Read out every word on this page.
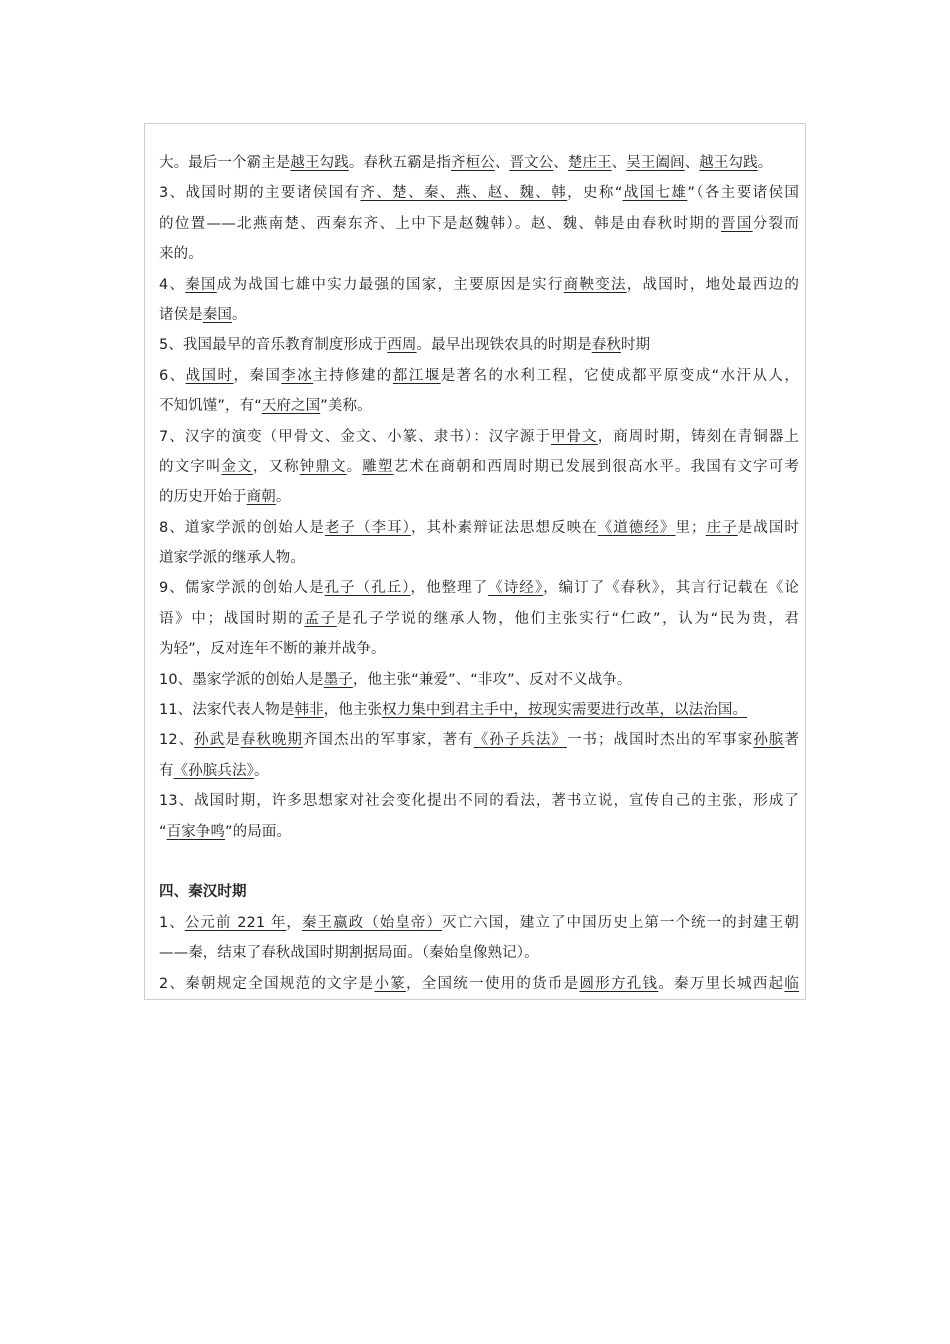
大。最后一个霸主是越王勾践。春秋五霸是指齐桓公、晋文公、楚庄王、吴王阖闾、越王勾践。
3、战国时期的主要诸侯国有齐、楚、秦、燕、赵、魏、韩，史称“战国七雄”（各主要诸侯国
的位置——北燕南楚、西秦东齐、上中下是赵魏韩）。赵、魏、韩是由春秋时期的晋国分裂而
来的。
4、秦国成为战国七雄中实力最强的国家，主要原因是实行商鞅变法，战国时，地处最西边的
诸侯是秦国。
5、我国最早的音乐教育制度形成于西周。最早出现铁农具的时期是春秋时期
6、战国时，秦国李冰主持修建的都江堰是著名的水利工程，它使成都平原变成“水汗从人，
不知饥馑”，有“天府之国”美称。
7、汉字的演变（甲骨文、金文、小篆、隶书）：汉字源于甲骨文，商周时期，铸刻在青铜器上
的文字叫金文，又称钟鼎文。雕塑艺术在商朝和西周时期已发展到很高水平。我国有文字可考
的历史开始于商朝。
8、道家学派的创始人是老子（李耳），其朴素辩证法思想反映在《道德经》里；庄子是战国时
道家学派的继承人物。
9、儒家学派的创始人是孔子（孔丘），他整理了《诗经》，编订了《春秋》，其言行记载在《论
语》中；战国时期的孟子是孔子学说的继承人物，他们主张实行“仁政”，认为“民为贵，君
为轻”，反对连年不断的兼并战争。
10、墨家学派的创始人是墨子，他主张“兼爱”、“非攻”、反对不义战争。
11、法家代表人物是韩非，他主张权力集中到君主手中，按现实需要进行改革，以法治国。
12、孙武是春秋晚期齐国杰出的军事家，著有《孙子兵法》一书；战国时杰出的军事家孙膑著
有《孙膑兵法》。
13、战国时期，许多思想家对社会变化提出不同的看法，著书立说，宣传自己的主张，形成了
“百家争鸣”的局面。
四、秦汉时期
1、公元前 221 年，秦王嬴政（始皇帝）灭亡六国，建立了中国历史上第一个统一的封建王朝
——秦，结束了春秋战国时期割据局面。（秦始皇像熟记）。
2、秦朝规定全国规范的文字是小篆，全国统一使用的货币是圆形方孔钱。秦万里长城西起临
